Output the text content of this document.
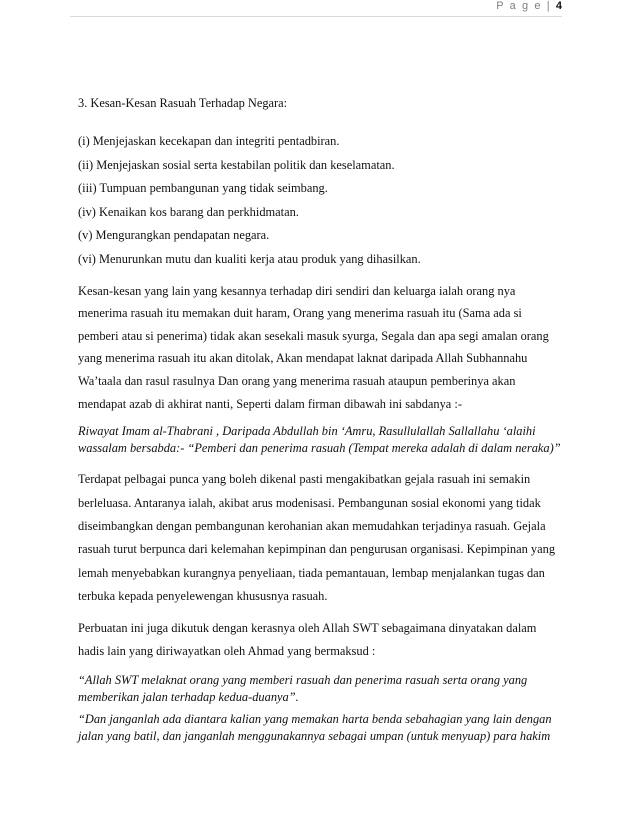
P a g e | 4

3. Kesan-Kesan Rasuah Terhadap Negara:

(i) Menjejaskan kecekapan dan integriti pentadbiran.
(ii) Menjejaskan sosial serta kestabilan politik dan keselamatan.
(iii) Tumpuan pembangunan yang tidak seimbang.
(iv) Kenaikan kos barang dan perkhidmatan.
(v) Mengurangkan pendapatan negara.
(vi) Menurunkan mutu dan kualiti kerja atau produk yang dihasilkan.

Kesan-kesan yang lain yang kesannya terhadap diri sendiri dan keluarga ialah orang nya menerima rasuah itu memakan duit haram, Orang yang menerima rasuah itu (Sama ada si pemberi atau si penerima) tidak akan sesekali masuk syurga, Segala dan apa segi amalan orang yang menerima rasuah itu akan ditolak, Akan mendapat laknat daripada Allah Subhannahu Wa’taala dan rasul rasulnya Dan orang yang menerima rasuah ataupun pemberinya akan mendapat azab di akhirat nanti, Seperti dalam firman dibawah ini sabdanya :-

Riwayat Imam al-Thabrani , Daripada Abdullah bin ‘Amru, Rasullulallah Sallallahu ‘alaihi wassalam bersabda:- “Pemberi dan penerima rasuah (Tempat mereka adalah di dalam neraka)”

Terdapat pelbagai punca yang boleh dikenal pasti mengakibatkan gejala rasuah ini semakin berleluasa. Antaranya ialah, akibat arus modenisasi. Pembangunan sosial ekonomi yang tidak diseimbangkan dengan pembangunan kerohanian akan memudahkan terjadinya rasuah. Gejala rasuah turut berpunca dari kelemahan kepimpinan dan pengurusan organisasi. Kepimpinan yang lemah menyebabkan kurangnya penyeliaan, tiada pemantauan, lembap menjalankan tugas dan terbuka kepada penyelewengan khususnya rasuah.

Perbuatan ini juga dikutuk dengan kerasnya oleh Allah SWT sebagaimana dinyatakan dalam hadis lain yang diriwayatkan oleh Ahmad yang bermaksud :

“Allah SWT melaknat orang yang memberi rasuah dan penerima rasuah serta orang yang memberikan jalan terhadap kedua-duanya”.

“Dan janganlah ada diantara kalian yang memakan harta benda sebahagian yang lain dengan jalan yang batil, dan janganlah menggunakannya sebagai umpan (untuk menyuap) para hakim
